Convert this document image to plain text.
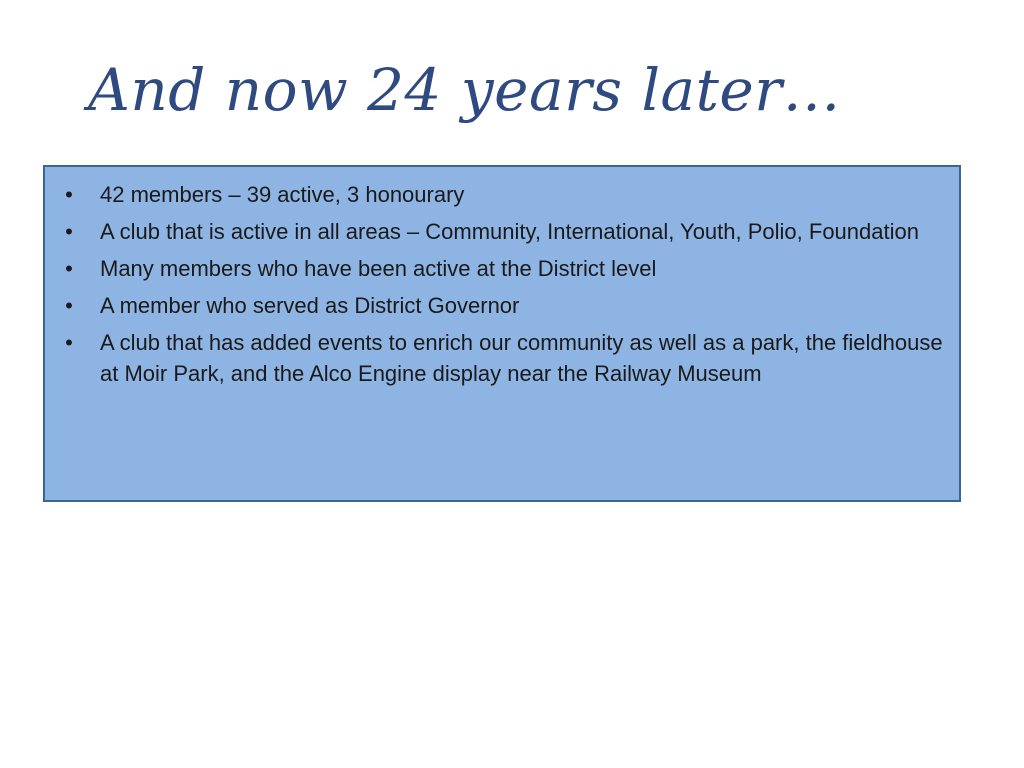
And now 24 years later…
• 42 members – 39 active, 3 honourary
• A club that is active in all areas – Community, International, Youth, Polio, Foundation
• Many members who have been active at the District level
• A member who served as District Governor
• A club that has added events to enrich our community as well as a park, the fieldhouse at Moir Park, and the Alco Engine display near the Railway Museum
